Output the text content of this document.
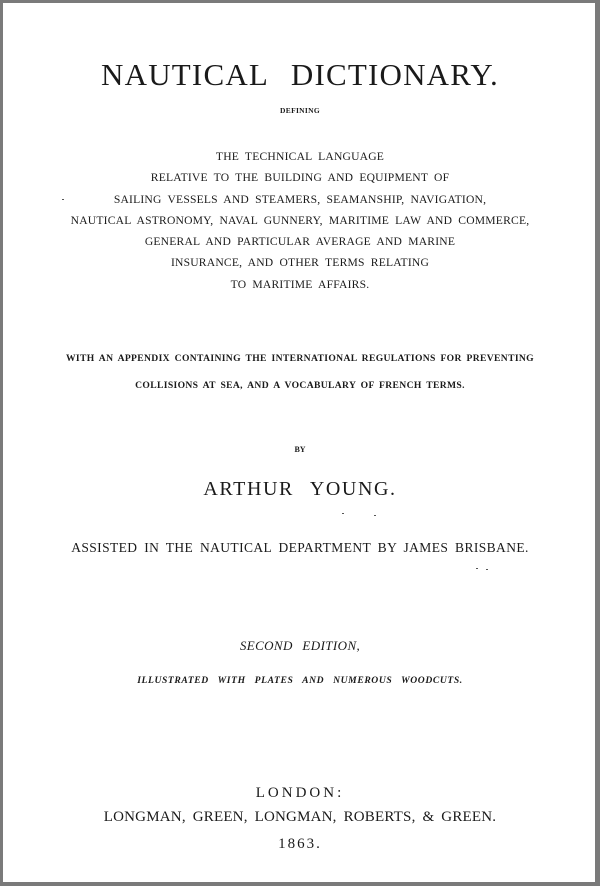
NAUTICAL DICTIONARY.
DEFINING
THE TECHNICAL LANGUAGE
RELATIVE TO THE BUILDING AND EQUIPMENT OF
SAILING VESSELS AND STEAMERS, SEAMANSHIP, NAVIGATION,
NAUTICAL ASTRONOMY, NAVAL GUNNERY, MARITIME LAW AND COMMERCE,
GENERAL AND PARTICULAR AVERAGE AND MARINE
INSURANCE, AND OTHER TERMS RELATING
TO MARITIME AFFAIRS.
WITH AN APPENDIX CONTAINING THE INTERNATIONAL REGULATIONS FOR PREVENTING
COLLISIONS AT SEA, AND A VOCABULARY OF FRENCH TERMS.
BY
ARTHUR YOUNG.
ASSISTED IN THE NAUTICAL DEPARTMENT BY JAMES BRISBANE.
SECOND EDITION,
ILLUSTRATED WITH PLATES AND NUMEROUS WOODCUTS.
LONDON:
LONGMAN, GREEN, LONGMAN, ROBERTS, & GREEN.
1863.
